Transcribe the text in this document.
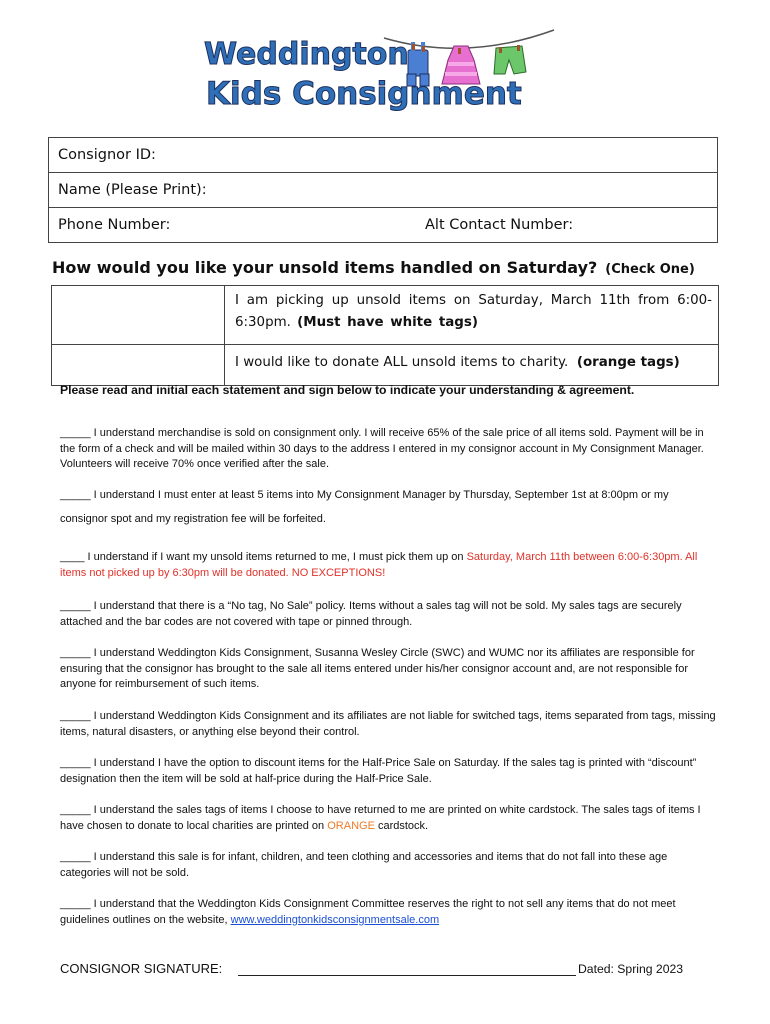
Weddington
Kids Consignment
Consignor ID:
Name (Please Print):
Phone Number:	Alt Contact Number:
How would you like your unsold items handled on Saturday? (Check One)
	I am picking up unsold items on Saturday, March 11th from 6:00-6:30pm. (Must have white tags)
	I would like to donate ALL unsold items to charity. (orange tags)
Please read and initial each statement and sign below to indicate your understanding & agreement.
_____ I understand merchandise is sold on consignment only. I will receive 65% of the sale price of all items sold. Payment will be in the form of a check and will be mailed within 30 days to the address I entered in my consignor account in My Consignment Manager. Volunteers will receive 70% once verified after the sale.
_____ I understand I must enter at least 5 items into My Consignment Manager by Thursday, September 1st at 8:00pm or my
consignor spot and my registration fee will be forfeited.
____ I understand if I want my unsold items returned to me, I must pick them up on Saturday, March 11th between 6:00-6:30pm. All items not picked up by 6:30pm will be donated. NO EXCEPTIONS!
_____ I understand that there is a “No tag, No Sale” policy. Items without a sales tag will not be sold. My sales tags are securely attached and the bar codes are not covered with tape or pinned through.
_____ I understand Weddington Kids Consignment, Susanna Wesley Circle (SWC) and WUMC nor its affiliates are responsible for ensuring that the consignor has brought to the sale all items entered under his/her consignor account and, are not responsible for anyone for reimbursement of such items.
_____ I understand Weddington Kids Consignment and its affiliates are not liable for switched tags, items separated from tags, missing items, natural disasters, or anything else beyond their control.
_____ I understand I have the option to discount items for the Half-Price Sale on Saturday. If the sales tag is printed with “discount” designation then the item will be sold at half-price during the Half-Price Sale.
_____ I understand the sales tags of items I choose to have returned to me are printed on white cardstock. The sales tags of items I have chosen to donate to local charities are printed on ORANGE cardstock.
_____ I understand this sale is for infant, children, and teen clothing and accessories and items that do not fall into these age categories will not be sold.
_____ I understand that the Weddington Kids Consignment Committee reserves the right to not sell any items that do not meet guidelines outlines on the website, www.weddingtonkidsconsignmentsale.com
CONSIGNOR SIGNATURE:	Dated: Spring 2023
